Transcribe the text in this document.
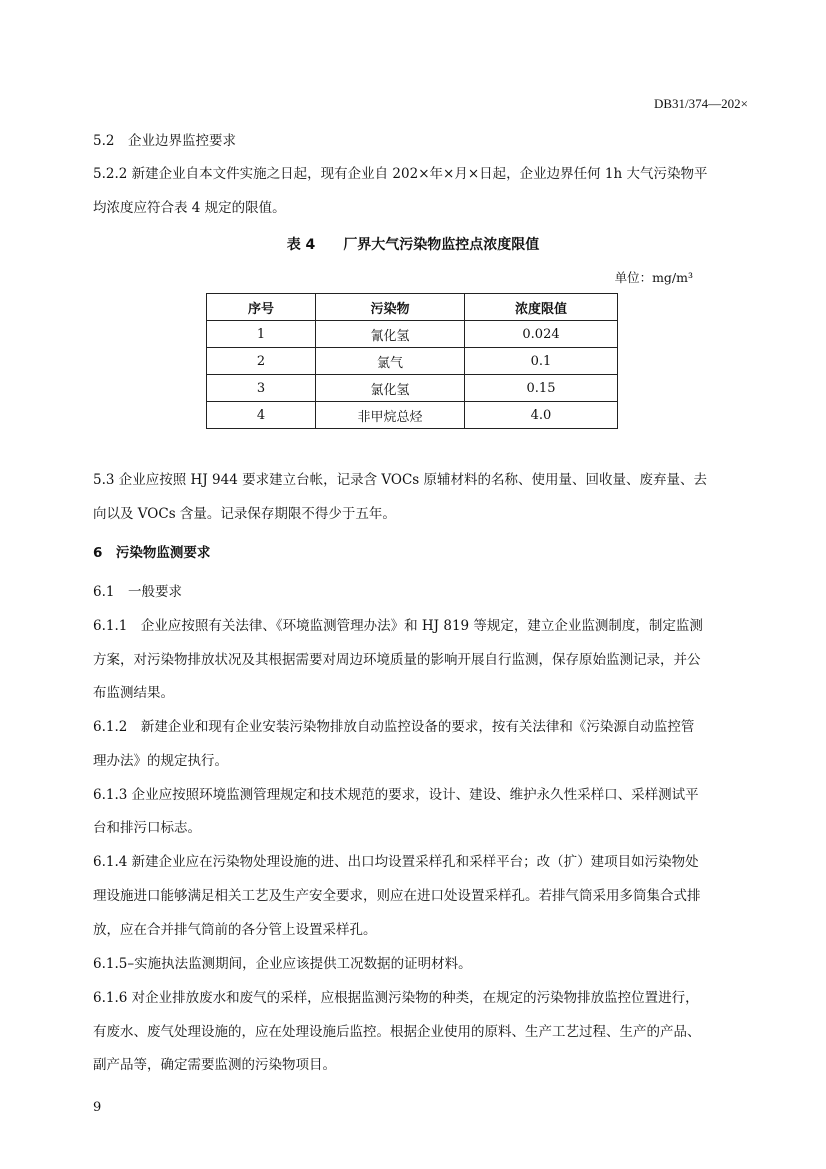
DB31/374—202×
5.2　企业边界监控要求
5.2.2 新建企业自本文件实施之日起，现有企业自 202×年×月×日起，企业边界任何 1h 大气污染物平
均浓度应符合表 4 规定的限值。
表 4 厂界大气污染物监控点浓度限值
单位：mg/m³
序号	污染物	浓度限值
1	氰化氢	0.024
2	氯气	0.1
3	氯化氢	0.15
4	非甲烷总烃	4.0
5.3 企业应按照 HJ 944 要求建立台帐，记录含 VOCs 原辅材料的名称、使用量、回收量、废弃量、去
向以及 VOCs 含量。记录保存期限不得少于五年。
6　污染物监测要求
6.1　一般要求
6.1.1　企业应按照有关法律、《环境监测管理办法》和 HJ 819 等规定，建立企业监测制度，制定监测
方案，对污染物排放状况及其根据需要对周边环境质量的影响开展自行监测，保存原始监测记录，并公
布监测结果。
6.1.2　新建企业和现有企业安装污染物排放自动监控设备的要求，按有关法律和《污染源自动监控管
理办法》的规定执行。
6.1.3 企业应按照环境监测管理规定和技术规范的要求，设计、建设、维护永久性采样口、采样测试平
台和排污口标志。
6.1.4 新建企业应在污染物处理设施的进、出口均设置采样孔和采样平台；改（扩）建项目如污染物处
理设施进口能够满足相关工艺及生产安全要求，则应在进口处设置采样孔。若排气筒采用多筒集合式排
放，应在合并排气筒前的各分管上设置采样孔。
6.1.5–实施执法监测期间，企业应该提供工况数据的证明材料。
6.1.6 对企业排放废水和废气的采样，应根据监测污染物的种类，在规定的污染物排放监控位置进行，
有废水、废气处理设施的，应在处理设施后监控。根据企业使用的原料、生产工艺过程、生产的产品、
副产品等，确定需要监测的污染物项目。
9
